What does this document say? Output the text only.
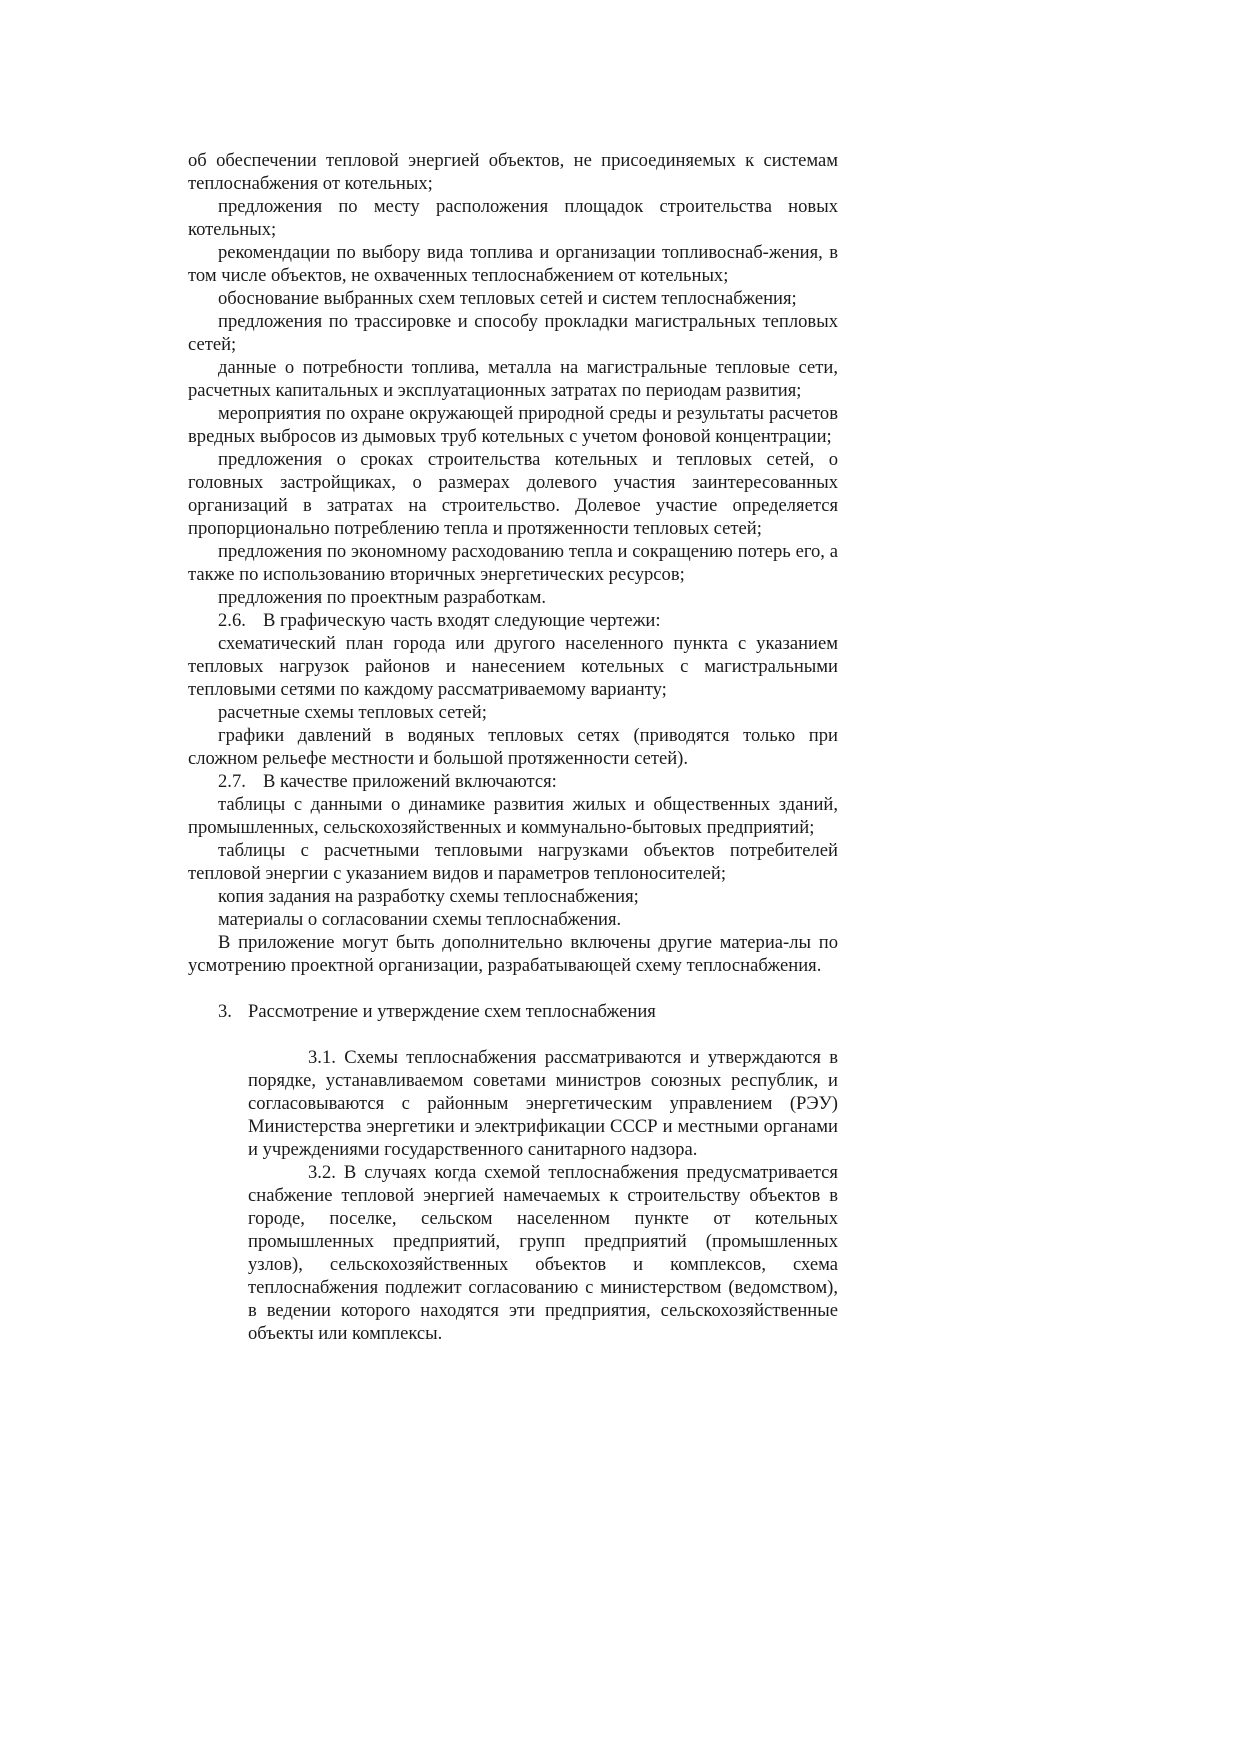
об обеспечении тепловой энергией объектов, не присоединяемых к системам теплоснабжения от котельных;

предложения по месту расположения площадок строительства новых котельных;

рекомендации по выбору вида топлива и организации топливоснаб-жения, в том числе объектов, не охваченных теплоснабжением от котельных;

обоснование выбранных схем тепловых сетей и систем теплоснабжения;

предложения по трассировке и способу прокладки магистральных тепловых сетей;

данные о потребности топлива, металла на магистральные тепловые сети, расчетных капитальных и эксплуатационных затратах по периодам развития;

мероприятия по охране окружающей природной среды и результаты расчетов вредных выбросов из дымовых труб котельных с учетом фоновой концентрации;

предложения о сроках строительства котельных и тепловых сетей, о головных застройщиках, о размерах долевого участия заинтересованных организаций в затратах на строительство. Долевое участие определяется пропорционально потреблению тепла и протяженности тепловых сетей;

предложения по экономному расходованию тепла и сокращению потерь его, а также по использованию вторичных энергетических ресурсов;

предложения по проектным разработкам.

2.6. В графическую часть входят следующие чертежи:

схематический план города или другого населенного пункта с указанием тепловых нагрузок районов и нанесением котельных с магистральными тепловыми сетями по каждому рассматриваемому варианту;

расчетные схемы тепловых сетей;

графики давлений в водяных тепловых сетях (приводятся только при сложном рельефе местности и большой протяженности сетей).

2.7. В качестве приложений включаются:

таблицы с данными о динамике развития жилых и общественных зданий, промышленных, сельскохозяйственных и коммунально-бытовых предприятий;

таблицы с расчетными тепловыми нагрузками объектов потребителей тепловой энергии с указанием видов и параметров теплоносителей;

копия задания на разработку схемы теплоснабжения;

материалы о согласовании схемы теплоснабжения.

В приложение могут быть дополнительно включены другие материа-лы по усмотрению проектной организации, разрабатывающей схему теплоснабжения.

3. Рассмотрение и утверждение схем теплоснабжения

3.1. Схемы теплоснабжения рассматриваются и утверждаются в порядке, устанавливаемом советами министров союзных республик, и согласовываются с районным энергетическим управлением (РЭУ) Министерства энергетики и электрификации СССР и местными органами и учреждениями государственного санитарного надзора.

3.2. В случаях когда схемой теплоснабжения предусматривается снабжение тепловой энергией намечаемых к строительству объектов в городе, поселке, сельском населенном пункте от котельных промышленных предприятий, групп предприятий (промышленных узлов), сельскохозяйственных объектов и комплексов, схема теплоснабжения подлежит согласованию с министерством (ведомством), в ведении которого находятся эти предприятия, сельскохозяйственные объекты или комплексы.
